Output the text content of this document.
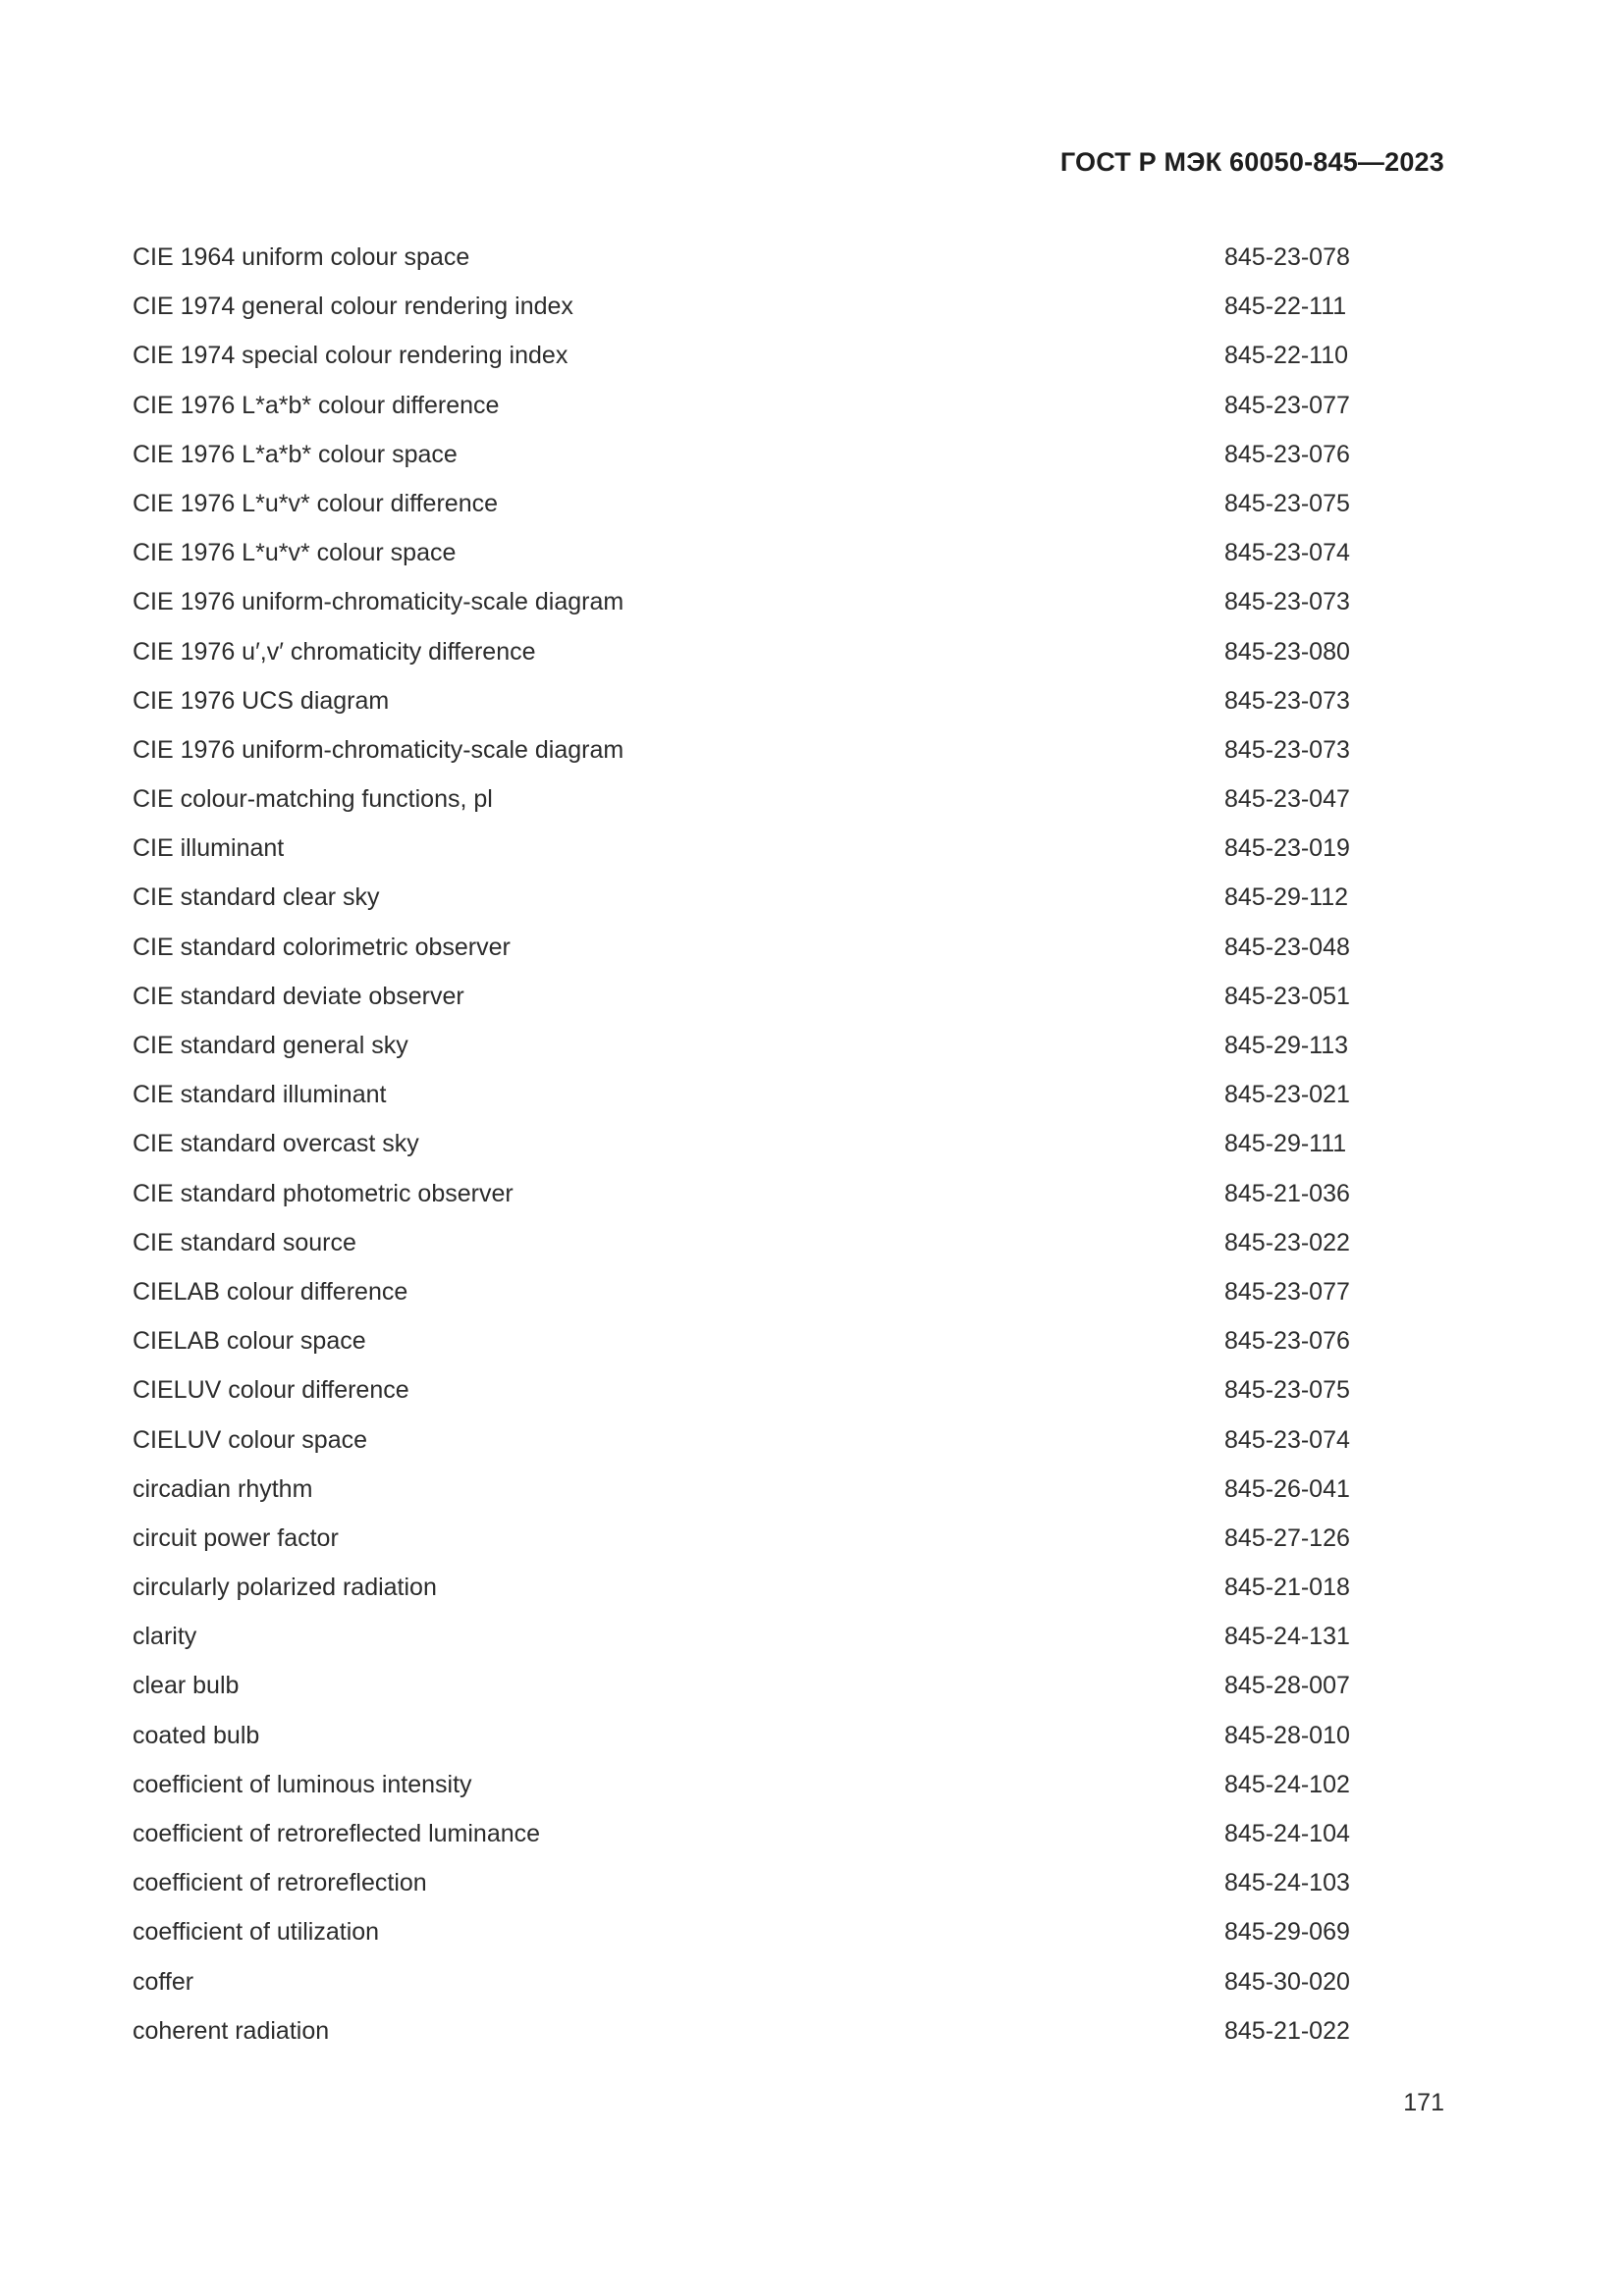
ГОСТ Р МЭК 60050-845—2023
CIE 1964 uniform colour space	845-23-078
CIE 1974 general colour rendering index	845-22-111
CIE 1974 special colour rendering index	845-22-110
CIE 1976 L*a*b* colour difference	845-23-077
CIE 1976 L*a*b* colour space	845-23-076
CIE 1976 L*u*v* colour difference	845-23-075
CIE 1976 L*u*v* colour space	845-23-074
CIE 1976 uniform-chromaticity-scale diagram	845-23-073
CIE 1976 u′,v′ chromaticity difference	845-23-080
CIE 1976 UCS diagram	845-23-073
CIE 1976 uniform-chromaticity-scale diagram	845-23-073
CIE colour-matching functions, pl	845-23-047
CIE illuminant	845-23-019
CIE standard clear sky	845-29-112
CIE standard colorimetric observer	845-23-048
CIE standard deviate observer	845-23-051
CIE standard general sky	845-29-113
CIE standard illuminant	845-23-021
CIE standard overcast sky	845-29-111
CIE standard photometric observer	845-21-036
CIE standard source	845-23-022
CIELAB colour difference	845-23-077
CIELAB colour space	845-23-076
CIELUV colour difference	845-23-075
CIELUV colour space	845-23-074
circadian rhythm	845-26-041
circuit power factor	845-27-126
circularly polarized radiation	845-21-018
clarity	845-24-131
clear bulb	845-28-007
coated bulb	845-28-010
coefficient of luminous intensity	845-24-102
coefficient of retroreflected luminance	845-24-104
coefficient of retroreflection	845-24-103
coefficient of utilization	845-29-069
coffer	845-30-020
coherent radiation	845-21-022
171
